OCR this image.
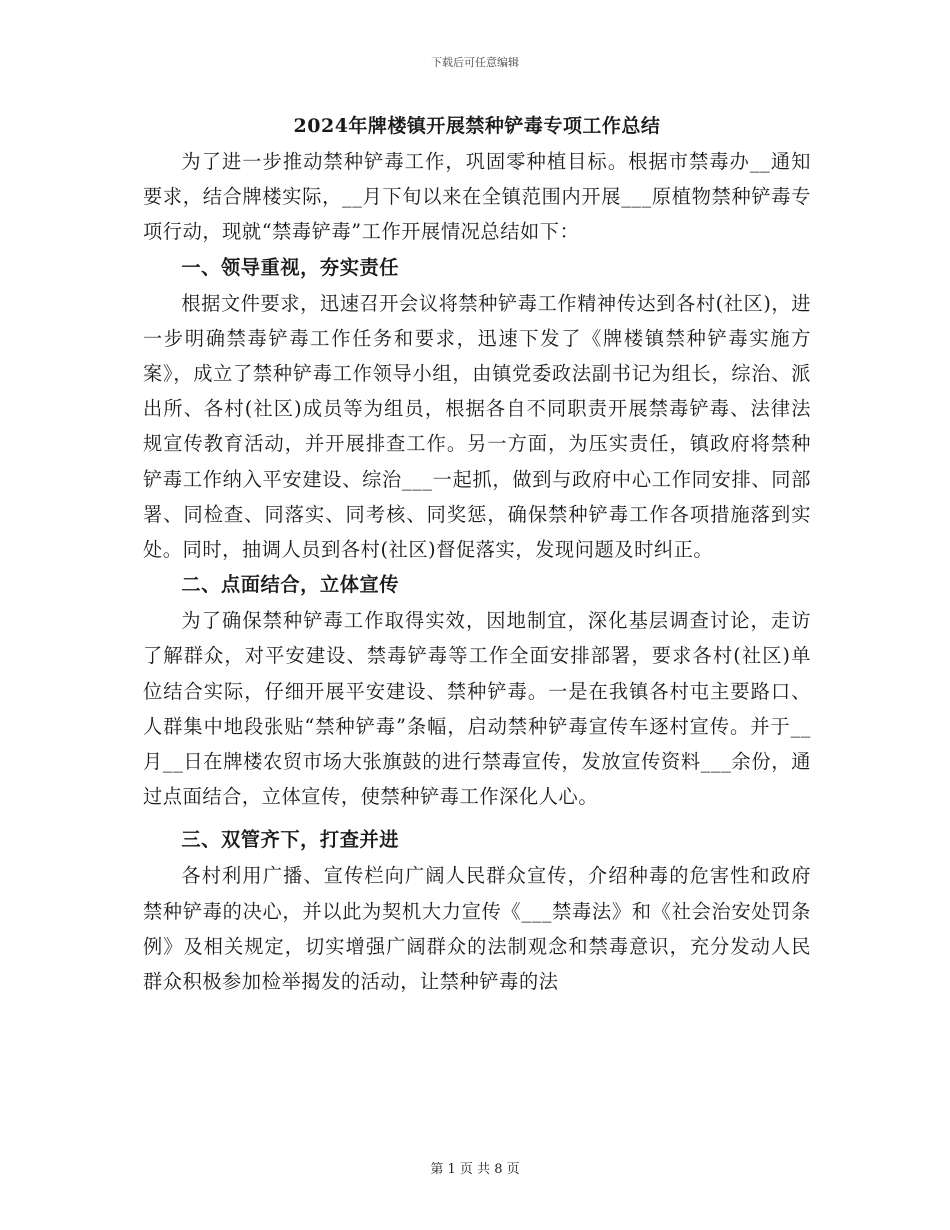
下载后可任意编辑
2024年牌楼镇开展禁种铲毒专项工作总结

为了进一步推动禁种铲毒工作，巩固零种植目标。根据市禁毒办__通知要求，结合牌楼实际，__月下旬以来在全镇范围内开展___原植物禁种铲毒专项行动，现就“禁毒铲毒”工作开展情况总结如下：

一、领导重视，夯实责任

根据文件要求，迅速召开会议将禁种铲毒工作精神传达到各村(社区)，进一步明确禁毒铲毒工作任务和要求，迅速下发了《牌楼镇禁种铲毒实施方案》，成立了禁种铲毒工作领导小组，由镇党委政法副书记为组长，综治、派出所、各村(社区)成员等为组员，根据各自不同职责开展禁毒铲毒、法律法规宣传教育活动，并开展排查工作。另一方面，为压实责任，镇政府将禁种铲毒工作纳入平安建设、综治___一起抓，做到与政府中心工作同安排、同部署、同检查、同落实、同考核、同奖惩，确保禁种铲毒工作各项措施落到实处。同时，抽调人员到各村(社区)督促落实，发现问题及时纠正。

二、点面结合，立体宣传

为了确保禁种铲毒工作取得实效，因地制宜，深化基层调查讨论，走访了解群众，对平安建设、禁毒铲毒等工作全面安排部署，要求各村(社区)单位结合实际，仔细开展平安建设、禁种铲毒。一是在我镇各村屯主要路口、人群集中地段张贴“禁种铲毒”条幅，启动禁种铲毒宣传车逐村宣传。并于__月__日在牌楼农贸市场大张旗鼓的进行禁毒宣传，发放宣传资料___余份，通过点面结合，立体宣传，使禁种铲毒工作深化人心。

三、双管齐下，打查并进

各村利用广播、宣传栏向广阔人民群众宣传，介绍种毒的危害性和政府禁种铲毒的决心，并以此为契机大力宣传《___禁毒法》和《社会治安处罚条例》及相关规定，切实增强广阔群众的法制观念和禁毒意识，充分发动人民群众积极参加检举揭发的活动，让禁种铲毒的法

第 1 页 共 8 页
